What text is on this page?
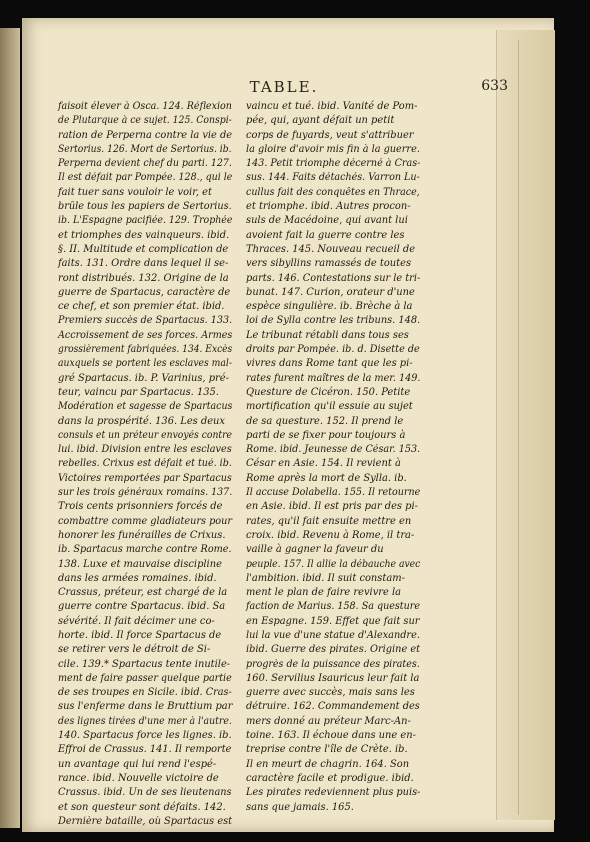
TABLE.	633
faisoit élever à Osca. 124. Réflexion
de Plutarque à ce sujet. 125. Conspi-
ration de Perperna contre la vie de
Sertorius. 126. Mort de Sertorius. ib.
Perperna devient chef du parti. 127.
Il est défait par Pompée. 128., qui le
fait tuer sans vouloir le voir, et
brûle tous les papiers de Sertorius.
ib. L'Espagne pacifiée. 129. Trophée
et triomphes des vainqueurs. ibid.
§. II. Multitude et complication de
faits. 131. Ordre dans lequel il se-
ront distribués. 132. Origine de la
guerre de Spartacus, caractère de
ce chef, et son premier état. ibid.
Premiers succès de Spartacus. 133.
Accroissement de ses forces. Armes
grossièrement fabriquées. 134. Excès
auxquels se portent les esclaves mal-
gré Spartacus. ib. P. Varinius, pré-
teur, vaincu par Spartacus. 135.
Modération et sagesse de Spartacus
dans la prospérité. 136. Les deux
consuls et un préteur envoyés contre
lui. ibid. Division entre les esclaves
rebelles. Crixus est défait et tué. ib.
Victoires remportées par Spartacus
sur les trois généraux romains. 137.
Trois cents prisonniers forcés de
combattre comme gladiateurs pour
honorer les funérailles de Crixus.
ib. Spartacus marche contre Rome.
138. Luxe et mauvaise discipline
dans les armées romaines. ibid.
Crassus, préteur, est chargé de la
guerre contre Spartacus. ibid. Sa
sévérité. Il fait décimer une co-
horte. ibid. Il force Spartacus de
se retirer vers le détroit de Si-
cile. 139.* Spartacus tente inutile-
ment de faire passer quelque partie
de ses troupes en Sicile. ibid. Cras-
sus l'enferme dans le Bruttium par
des lignes tirées d'une mer à l'autre.
140. Spartacus force les lignes. ib.
Effroi de Crassus. 141. Il remporte
un avantage qui lui rend l'espé-
rance. ibid. Nouvelle victoire de
Crassus. ibid. Un de ses lieutenans
et son questeur sont défaits. 142.
Dernière bataille, où Spartacus est
vaincu et tué. ibid. Vanité de Pom-
pée, qui, ayant défait un petit
corps de fuyards, veut s'attribuer
la gloire d'avoir mis fin à la guerre.
143. Petit triomphe décerné à Cras-
sus. 144. Faits détachés. Varron Lu-
cullus fait des conquêtes en Thrace,
et triomphe. ibid. Autres procon-
suls de Macédoine, qui avant lui
avoient fait la guerre contre les
Thraces. 145. Nouveau recueil de
vers sibyllins ramassés de toutes
parts. 146. Contestations sur le tri-
bunat. 147. Curion, orateur d'une
espèce singulière. ib. Brèche à la
loi de Sylla contre les tribuns. 148.
Le tribunat rétabli dans tous ses
droits par Pompée. ib. d. Disette de
vivres dans Rome tant que les pi-
rates furent maîtres de la mer. 149.
Questure de Cicéron. 150. Petite
mortification qu'il essuie au sujet
de sa questure. 152. Il prend le
parti de se fixer pour toujours à
Rome. ibid. Jeunesse de César. 153.
César en Asie. 154. Il revient à
Rome après la mort de Sylla. ib.
Il accuse Dolabella. 155. Il retourne
en Asie. ibid. Il est pris par des pi-
rates, qu'il fait ensuite mettre en
croix. ibid. Revenu à Rome, il tra-
vaille à gagner la faveur du
peuple. 157. Il allie la débauche avec
l'ambition. ibid. Il suit constam-
ment le plan de faire revivre la
faction de Marius. 158. Sa questure
en Espagne. 159. Effet que fait sur
lui la vue d'une statue d'Alexandre.
ibid. Guerre des pirates. Origine et
progrès de la puissance des pirates.
160. Servilius Isauricus leur fait la
guerre avec succès, mais sans les
détruire. 162. Commandement des
mers donné au préteur Marc-An-
toine. 163. Il échoue dans une en-
treprise contre l'île de Crète. ib.
Il en meurt de chagrin. 164. Son
caractère facile et prodigue. ibid.
Les pirates redeviennent plus puis-
sans que jamais. 165.
